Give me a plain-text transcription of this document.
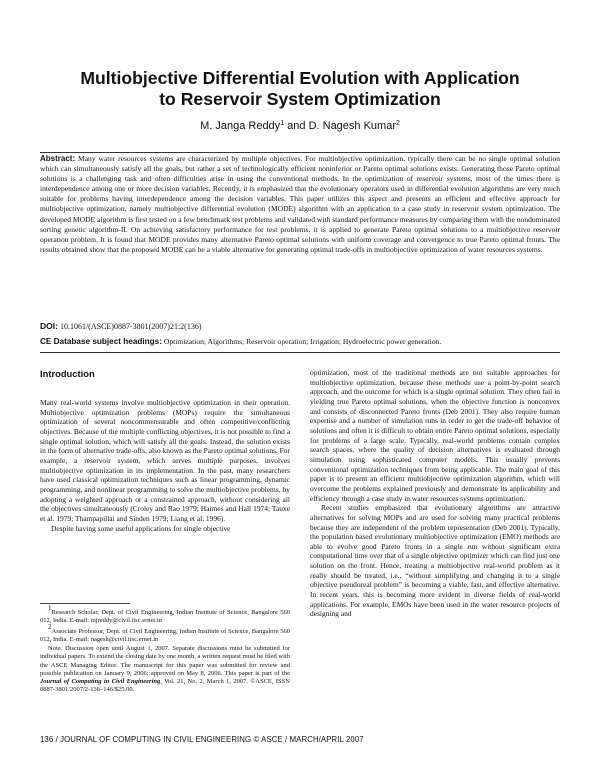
Multiobjective Differential Evolution with Application
to Reservoir System Optimization
M. Janga Reddy$^1$ and D. Nagesh Kumar$^2$

Abstract: Many water resources systems are characterized by multiple objectives. For multiobjective optimization, typically there can be no single optimal solution which can simultaneously satisfy all the goals, but rather a set of technologically efficient noninferior or Pareto optimal solutions exists. Generating those Pareto optimal solutions is a challenging task and often difficulties arise in using the conventional methods. In the optimization of reservoir systems, most of the times there is interdependence among one or more decision variables. Recently, it is emphasized that the evolutionary operators used in differential evolution algorithms are very much suitable for problems having interdependence among the decision variables. This paper utilizes this aspect and presents an efficient and effective approach for multiobjective optimization, namely multiobjective differential evolution (MODE) algorithm with an application to a case study in reservoir system optimization. The developed MODE algorithm is first tested on a few benchmark test problems and validated with standard performance measures by comparing them with the nondominated sorting genetic algorithm-II. On achieving satisfactory performance for test problems, it is applied to generate Pareto optimal solutions to a multiobjective reservoir operation problem. It is found that MODE provides many alternative Pareto optimal solutions with uniform coverage and convergence to true Pareto optimal fronts. The results obtained show that the proposed MODE can be a viable alternative for generating optimal trade-offs in multiobjective optimization of water resources systems.

DOI: 10.1061/(ASCE)0887-3801(2007)21:2(136)
CE Database subject headings: Optimization; Algorithms; Reservoir operation; Irrigation; Hydroelectric power generation.
Introduction

Many real-world systems involve multiobjective optimization in their operation. Multiobjective optimization problems (MOPs) require the simultaneous optimization of several noncommensurable and often competitive/conflicting objectives. Because of the multiple conflicting objectives, it is not possible to find a single optimal solution, which will satisfy all the goals. Instead, the solution exists in the form of alternative trade-offs, also known as the Pareto optimal solutions. For example, a reservoir system, which serves multiple purposes, involves multiobjective optimization in its implementation. In the past, many researchers have used classical optimization techniques such as linear programming, dynamic programming, and nonlinear programming to solve the multiobjective problems, by adopting a weighted approach or a constrained approach, without considering all the objectives simultaneously (Croley and Rao 1979; Haimes and Hall 1974; Tauxe et al. 1979; Thampapillai and Sinden 1979; Liang et al. 1996).

Despite having some useful applications for single objective

optimization, most of the traditional methods are not suitable approaches for multiobjective optimization, because these methods use a point-by-point search approach, and the outcome for which is a single optimal solution. They often fail in yielding true Pareto optimal solutions, when the objective function is nonconvex and consists of disconnected Pareto fronts (Deb 2001). They also require human expertise and a number of simulation runs in order to get the trade-off behavior of solutions and often it is difficult to obtain entire Pareto optimal solutions, especially for problems of a large scale. Typically, real-world problems contain complex search spaces, where the quality of decision alternatives is evaluated through simulation using sophisticated computer models. This usually prevents conventional optimization techniques from being applicable. The main goal of this paper is to present an efficient multiobjective optimization algorithm, which will overcome the problems explained previously and demonstrate its applicability and efficiency through a case study in water resources systems optimization.

Recent studies emphasized that evolutionary algorithms are attractive alternatives for solving MOPs and are used for solving many practical problems because they are independent of the problem representation (Deb 2001). Typically, the population based evolutionary multiobjective optimization (EMO) methods are able to evolve good Pareto fronts in a single run without significant extra computational time over that of a single objective optimizer which can find just one solution on the front. Hence, treating a multiobjective real-world problem as it really should be treated, i.e., “without simplifying and changing it to a single objective pseudoreal problem” is becoming a viable, fast, and effective alternative. In recent years, this is becoming more evident in diverse fields of real-world applications. For example, EMOs have been used in the water resource projects of designing and

$^1$Research Scholar, Dept. of Civil Engineering, Indian Institute of Science, Bangalore 560 012, India. E-mail: mjreddy@civil.iisc.ernet.in

$^2$Associate Professor, Dept. of Civil Engineering, Indian Institute of Science, Bangalore 560 012, India. E-mail: nagesh@civil.iisc.ernet.in

Note. Discussion open until August 1, 2007. Separate discussions must be submitted for individual papers. To extend the closing date by one month, a written request must be filed with the ASCE Managing Editor. The manuscript for this paper was submitted for review and possible publication on January 9, 2006; approved on May 8, 2006. This paper is part of the Journal of Computing in Civil Engineering, Vol. 21, No. 2, March 1, 2007. ©ASCE, ISSN 0887-3801/2007/2-136–146/$25.00.

136 / JOURNAL OF COMPUTING IN CIVIL ENGINEERING © ASCE / MARCH/APRIL 2007
